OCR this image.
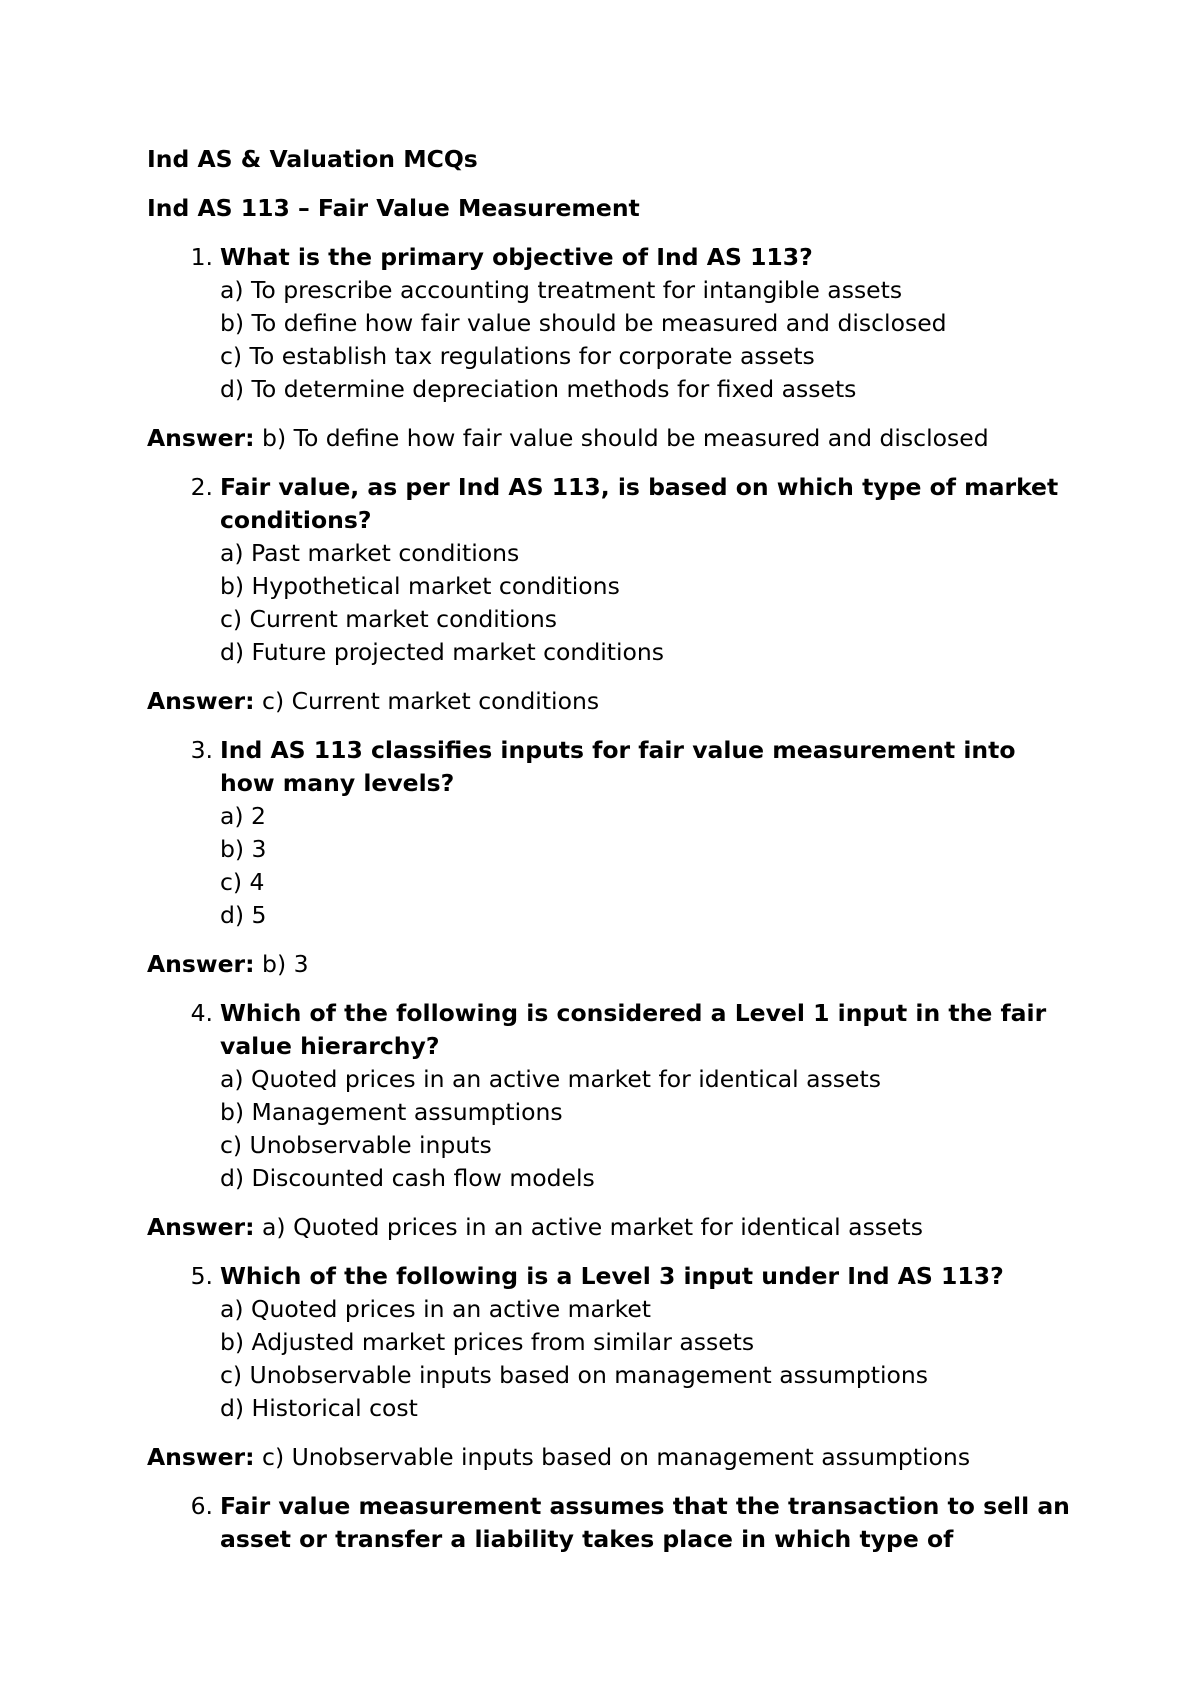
Ind AS & Valuation MCQs
Ind AS 113 – Fair Value Measurement
1. What is the primary objective of Ind AS 113?
a) To prescribe accounting treatment for intangible assets
b) To define how fair value should be measured and disclosed
c) To establish tax regulations for corporate assets
d) To determine depreciation methods for fixed assets
Answer: b) To define how fair value should be measured and disclosed
2. Fair value, as per Ind AS 113, is based on which type of market conditions?
a) Past market conditions
b) Hypothetical market conditions
c) Current market conditions
d) Future projected market conditions
Answer: c) Current market conditions
3. Ind AS 113 classifies inputs for fair value measurement into how many levels?
a) 2
b) 3
c) 4
d) 5
Answer: b) 3
4. Which of the following is considered a Level 1 input in the fair value hierarchy?
a) Quoted prices in an active market for identical assets
b) Management assumptions
c) Unobservable inputs
d) Discounted cash flow models
Answer: a) Quoted prices in an active market for identical assets
5. Which of the following is a Level 3 input under Ind AS 113?
a) Quoted prices in an active market
b) Adjusted market prices from similar assets
c) Unobservable inputs based on management assumptions
d) Historical cost
Answer: c) Unobservable inputs based on management assumptions
6. Fair value measurement assumes that the transaction to sell an asset or transfer a liability takes place in which type of
